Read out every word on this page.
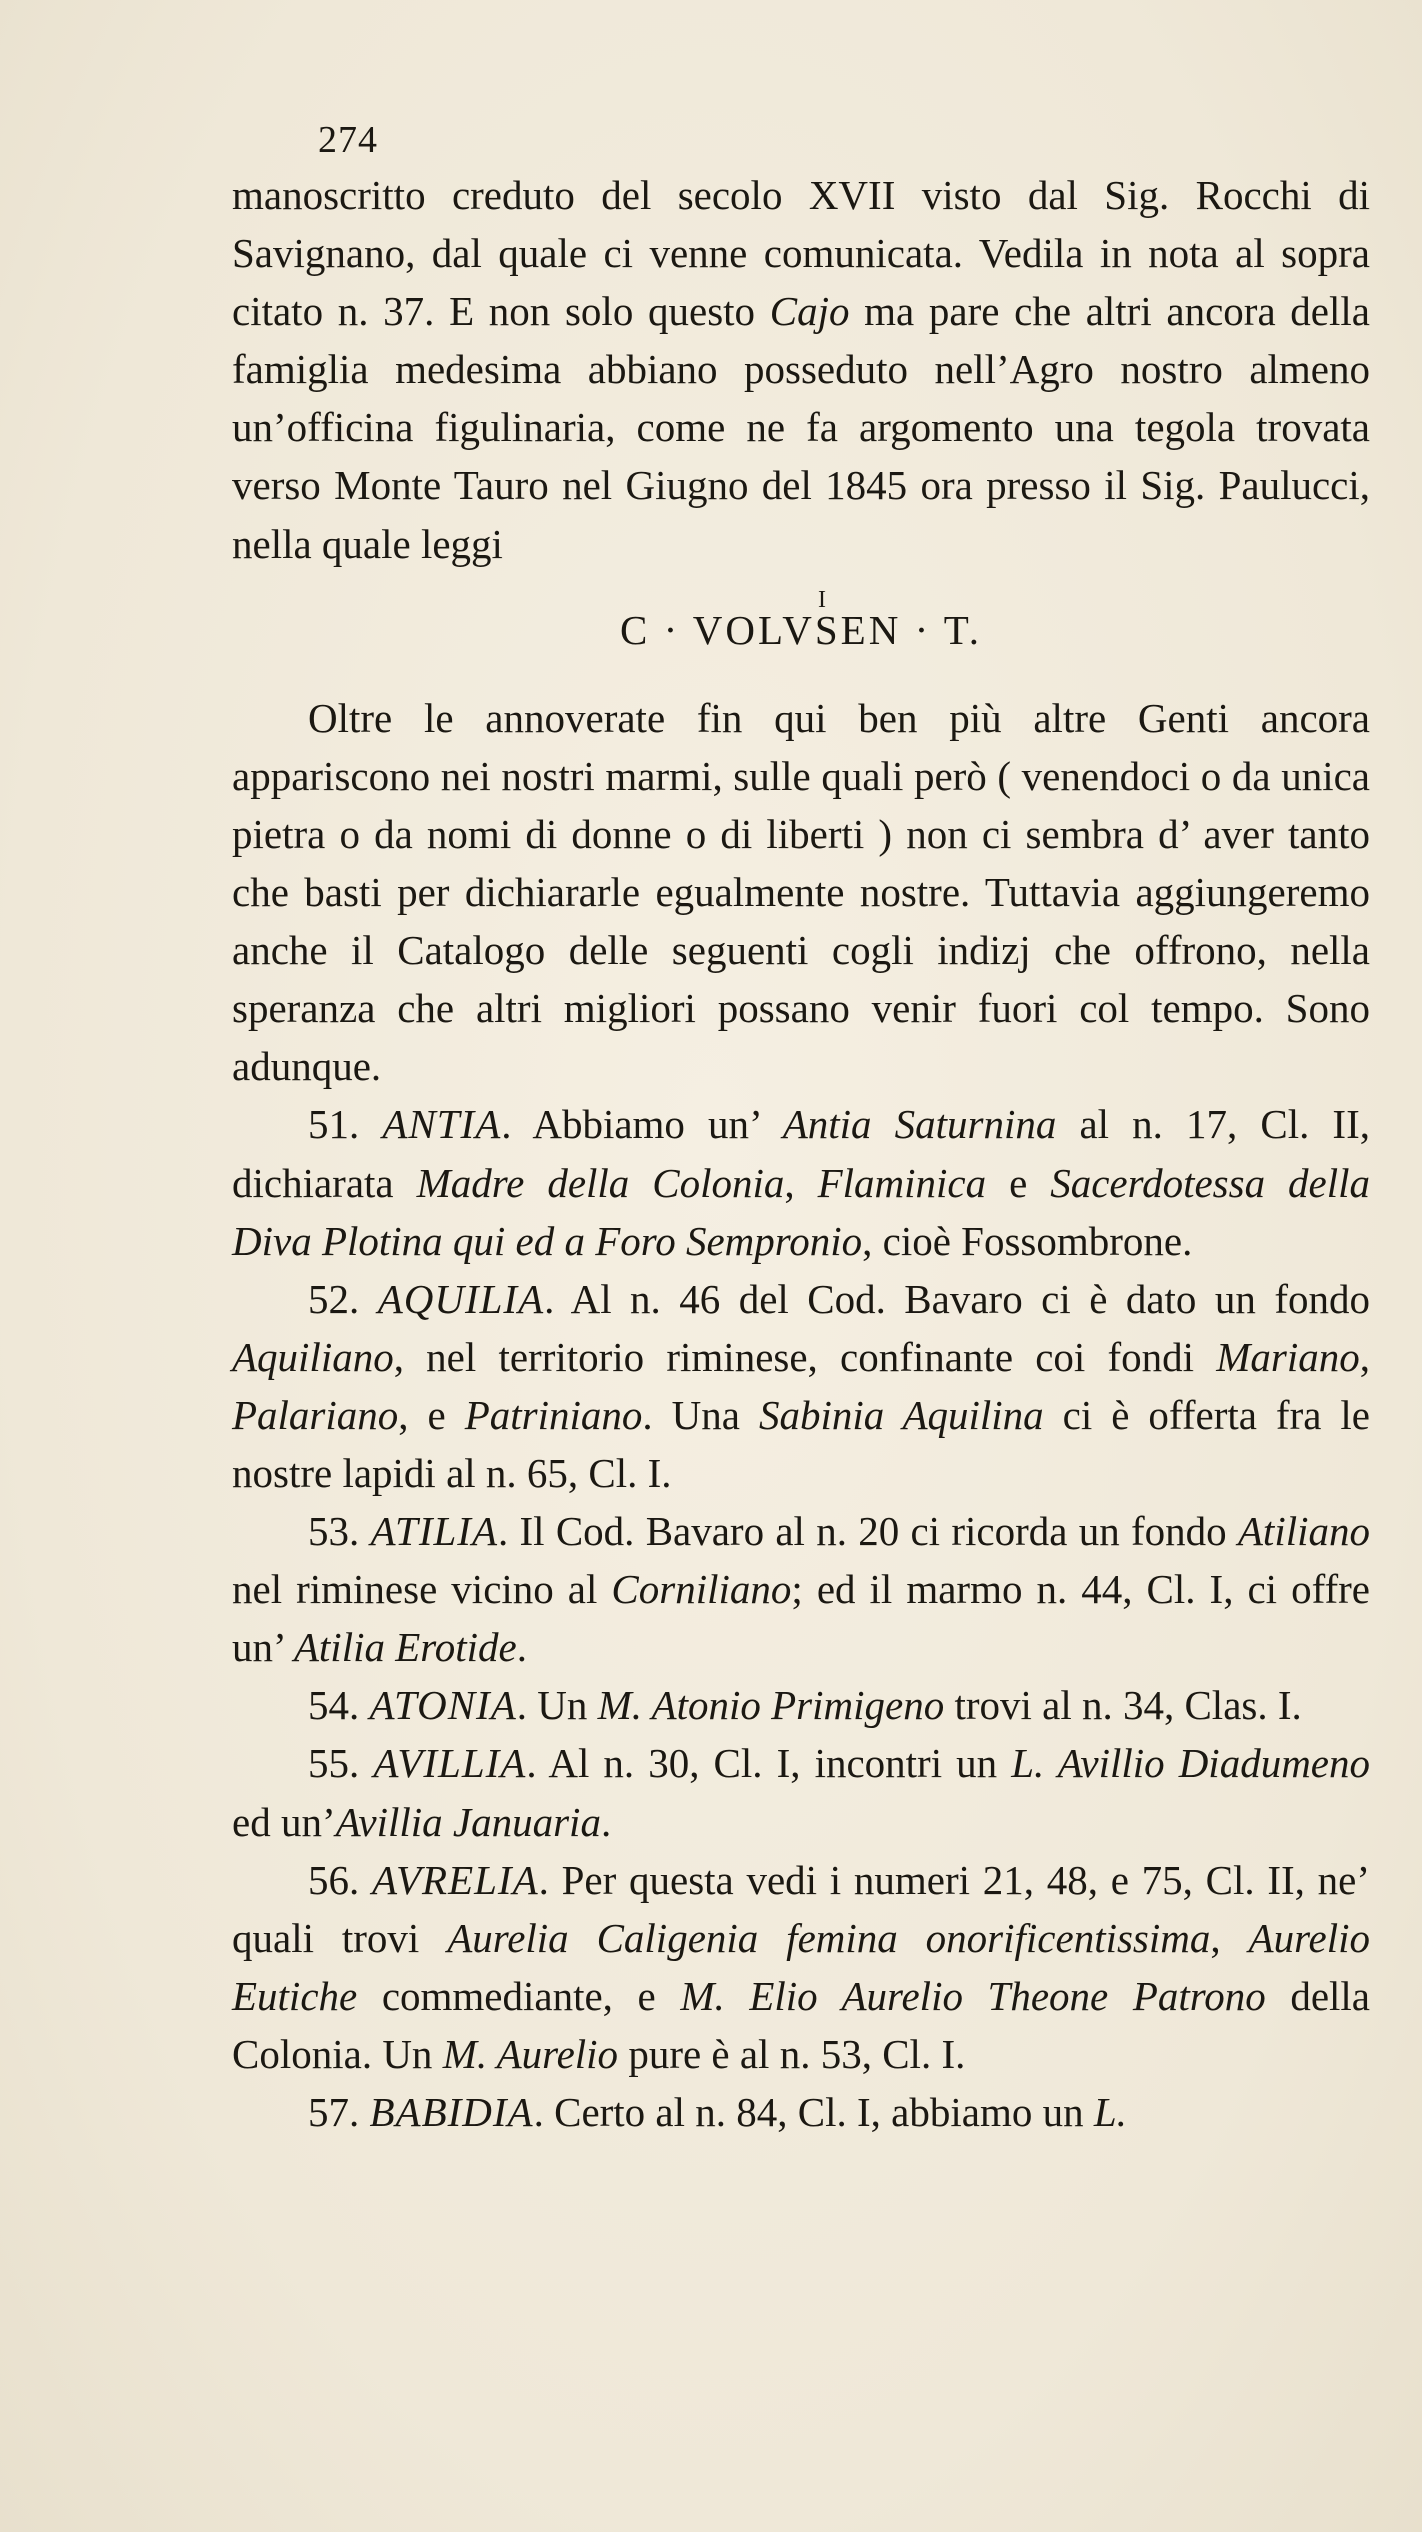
274

manoscritto creduto del secolo XVII visto dal Sig. Rocchi di Savignano, dal quale ci venne comunicata. Vedila in nota al sopra citato n. 37. E non solo questo Cajo ma pare che altri ancora della famiglia medesima abbiano posseduto nell’Agro nostro almeno un’officina figulinaria, come ne fa argomento una tegola trovata verso Monte Tauro nel Giugno del 1845 ora presso il Sig. Paulucci, nella quale leggi

I
C · VOLVSEN · T.

Oltre le annoverate fin qui ben più altre Genti ancora appariscono nei nostri marmi, sulle quali però ( venendoci o da unica pietra o da nomi di donne o di liberti ) non ci sembra d’ aver tanto che basti per dichiararle egualmente nostre. Tuttavia aggiungeremo anche il Catalogo delle seguenti cogli indizj che offrono, nella speranza che altri migliori possano venir fuori col tempo. Sono adunque.

51. ANTIA. Abbiamo un’ Antia Saturnina al n. 17, Cl. II, dichiarata Madre della Colonia, Flaminica e Sacerdotessa della Diva Plotina qui ed a Foro Sempronio, cioè Fossombrone.

52. AQUILIA. Al n. 46 del Cod. Bavaro ci è dato un fondo Aquiliano, nel territorio riminese, confinante coi fondi Mariano, Palariano, e Patriniano. Una Sabinia Aquilina ci è offerta fra le nostre lapidi al n. 65, Cl. I.

53. ATILIA. Il Cod. Bavaro al n. 20 ci ricorda un fondo Atiliano nel riminese vicino al Corniliano; ed il marmo n. 44, Cl. I, ci offre un’ Atilia Erotide.

54. ATONIA. Un M. Atonio Primigeno trovi al n. 34, Clas. I.

55. AVILLIA. Al n. 30, Cl. I, incontri un L. Avillio Diadumeno ed un’Avillia Januaria.

56. AVRELIA. Per questa vedi i numeri 21, 48, e 75, Cl. II, ne’ quali trovi Aurelia Caligenia femina onorificentissima, Aurelio Eutiche commediante, e M. Elio Aurelio Theone Patrono della Colonia. Un M. Aurelio pure è al n. 53, Cl. I.

57. BABIDIA. Certo al n. 84, Cl. I, abbiamo un L.
